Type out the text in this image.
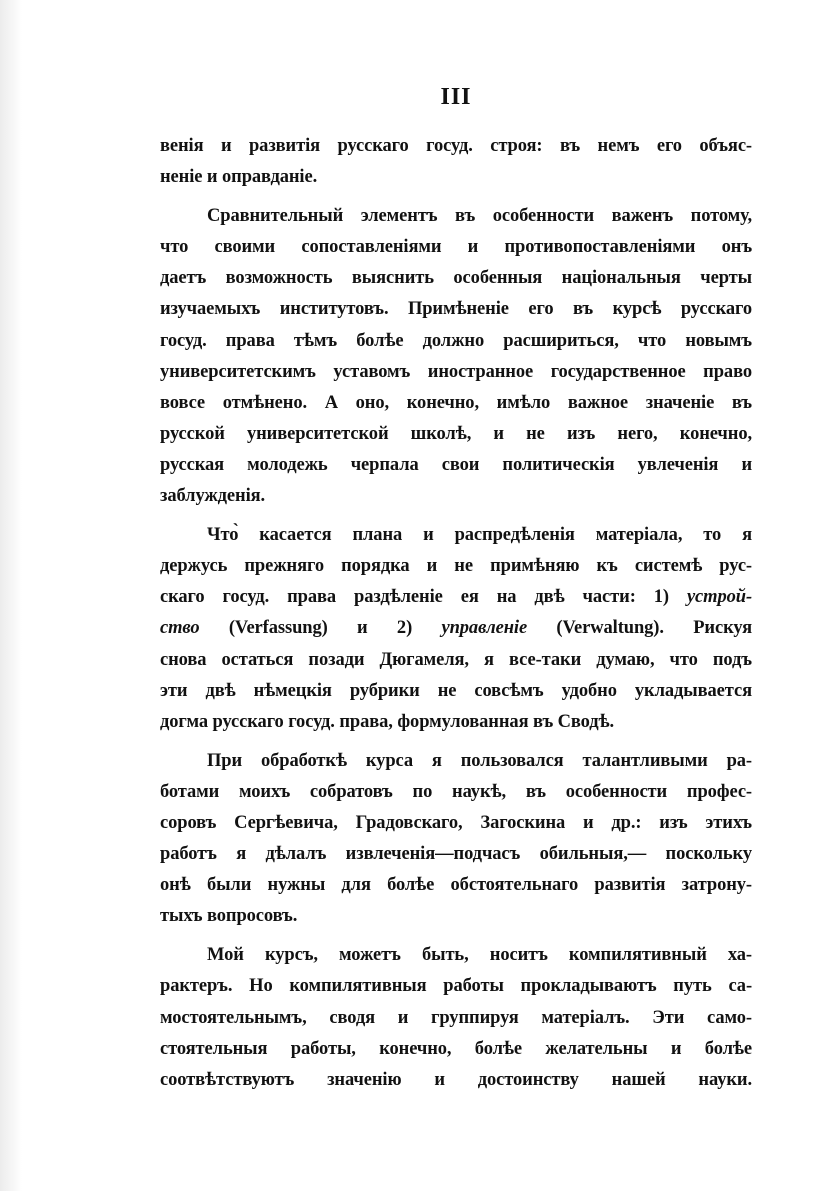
III
венія и развитія русскаго госуд. строя: въ немъ его объяс-
неніе и оправданіе.
Сравнительный элементъ въ особенности важенъ потому,
что своими сопоставленіями и противопоставленіями онъ
даетъ возможность выяснить особенныя національныя черты
изучаемыхъ институтовъ. Примѣненіе его въ курсѣ русскаго
госуд. права тѣмъ болѣе должно расшириться, что новымъ
университетскимъ уставомъ иностранное государственное право
вовсе отмѣнено. А оно, конечно, имѣло важное значеніе въ
русской университетской школѣ, и не изъ него, конечно,
русская молодежь черпала свои политическія увлеченія и
заблужденія.
Что̀ касается плана и распредѣленія матеріала, то я
держусь прежняго порядка и не примѣняю къ системѣ рус-
скаго госуд. права раздѣленіе ея на двѣ части: 1) устрой-
ство (Verfassung) и 2) управленіе (Verwaltung). Рискуя
снова остаться позади Дюгамеля, я все-таки думаю, что подъ
эти двѣ нѣмецкія рубрики не совсѣмъ удобно укладывается
догма русскаго госуд. права, формулованная въ Сводѣ.
При обработкѣ курса я пользовался талантливыми ра-
ботами моихъ собратовъ по наукѣ, въ особенности профес-
соровъ Сергѣевича, Градовскаго, Загоскина и др.: изъ этихъ
работъ я дѣлалъ извлеченія—подчасъ обильныя,— поскольку
онѣ были нужны для болѣе обстоятельнаго развитія затрону-
тыхъ вопросовъ.
Мой курсъ, можетъ быть, носитъ компилятивный ха-
рактеръ. Но компилятивныя работы прокладываютъ путь са-
мостоятельнымъ, сводя и группируя матеріалъ. Эти само-
стоятельныя работы, конечно, болѣе желательны и болѣе
соотвѣтствуютъ значенію и достоинству нашей науки.
